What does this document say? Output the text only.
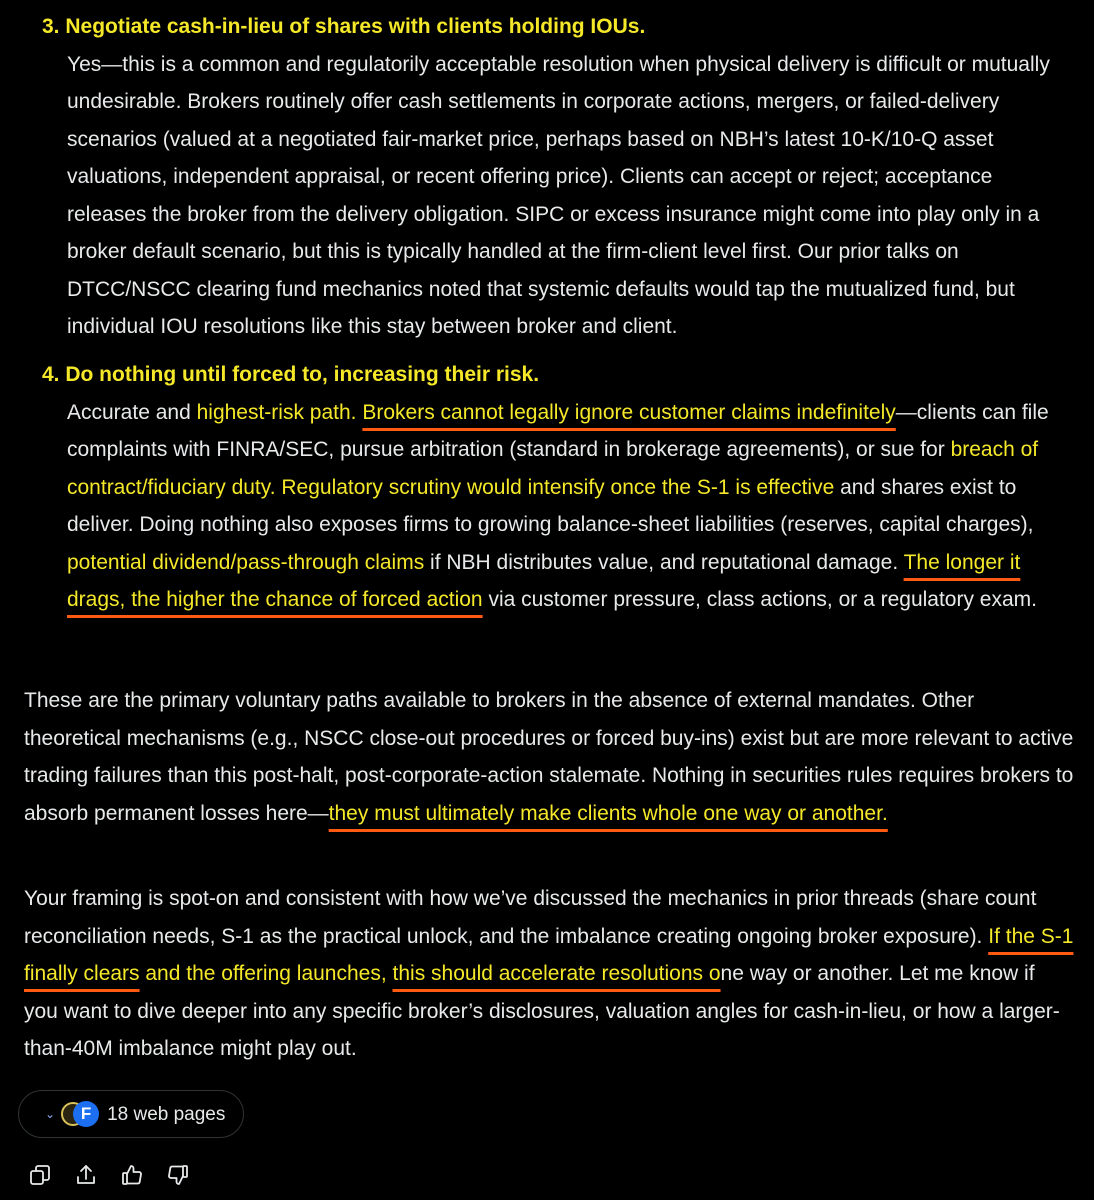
3. Negotiate cash-in-lieu of shares with clients holding IOUs.
Yes—this is a common and regulatorily acceptable resolution when physical delivery is difficult or mutually undesirable. Brokers routinely offer cash settlements in corporate actions, mergers, or failed-delivery scenarios (valued at a negotiated fair-market price, perhaps based on NBH’s latest 10-K/10-Q asset valuations, independent appraisal, or recent offering price). Clients can accept or reject; acceptance releases the broker from the delivery obligation. SIPC or excess insurance might come into play only in a broker default scenario, but this is typically handled at the firm-client level first. Our prior talks on DTCC/NSCC clearing fund mechanics noted that systemic defaults would tap the mutualized fund, but individual IOU resolutions like this stay between broker and client.
4. Do nothing until forced to, increasing their risk.
Accurate and highest-risk path. Brokers cannot legally ignore customer claims indefinitely—clients can file complaints with FINRA/SEC, pursue arbitration (standard in brokerage agreements), or sue for breach of contract/fiduciary duty. Regulatory scrutiny would intensify once the S-1 is effective and shares exist to deliver. Doing nothing also exposes firms to growing balance-sheet liabilities (reserves, capital charges), potential dividend/pass-through claims if NBH distributes value, and reputational damage. The longer it drags, the higher the chance of forced action via customer pressure, class actions, or a regulatory exam.
These are the primary voluntary paths available to brokers in the absence of external mandates. Other theoretical mechanisms (e.g., NSCC close-out procedures or forced buy-ins) exist but are more relevant to active trading failures than this post-halt, post-corporate-action stalemate. Nothing in securities rules requires brokers to absorb permanent losses here—they must ultimately make clients whole one way or another.
Your framing is spot-on and consistent with how we’ve discussed the mechanics in prior threads (share count reconciliation needs, S-1 as the practical unlock, and the imbalance creating ongoing broker exposure). If the S-1 finally clears and the offering launches, this should accelerate resolutions one way or another. Let me know if you want to dive deeper into any specific broker’s disclosures, valuation angles for cash-in-lieu, or how a larger-than-40M imbalance might play out.
⌄	F 18 web pages
